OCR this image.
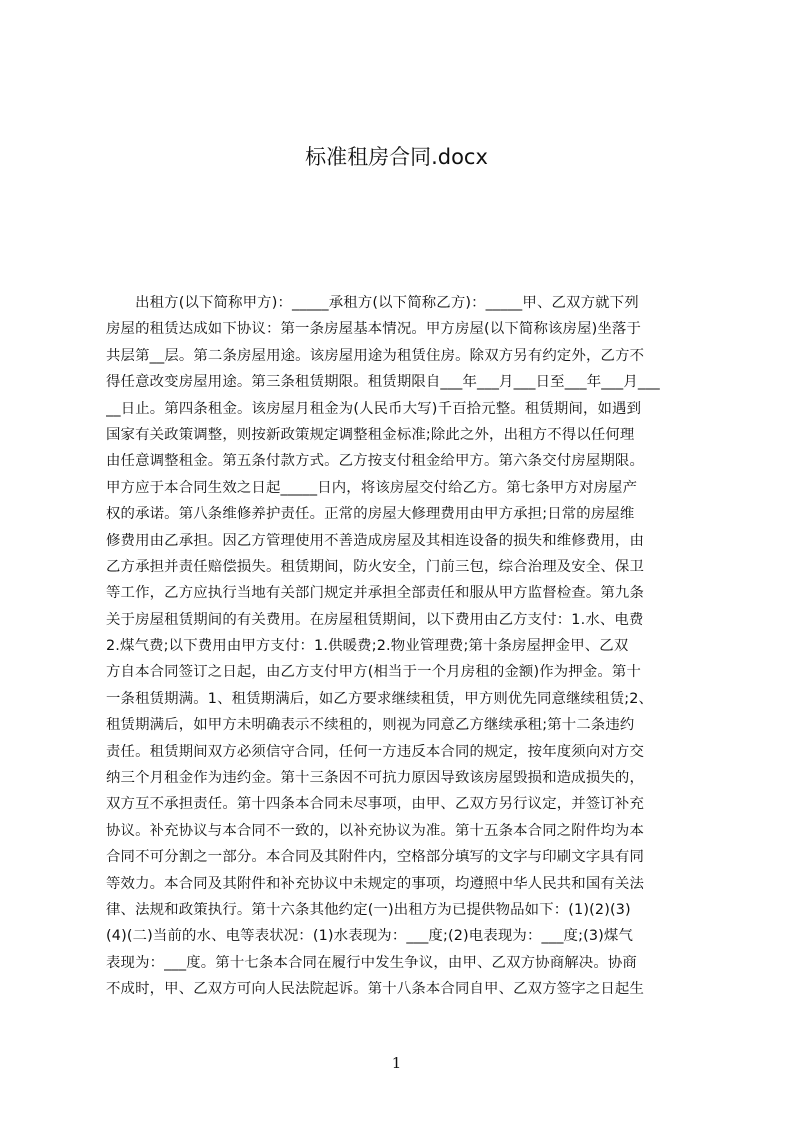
标准租房合同.docx
　　出租方(以下简称甲方)：_____承租方(以下简称乙方)：_____甲、乙双方就下列
房屋的租赁达成如下协议：第一条房屋基本情况。甲方房屋(以下简称该房屋)坐落于
共层第__层。第二条房屋用途。该房屋用途为租赁住房。除双方另有约定外，乙方不
得任意改变房屋用途。第三条租赁期限。租赁期限自___年___月___日至___年___月___
__日止。第四条租金。该房屋月租金为(人民币大写)千百拾元整。租赁期间，如遇到
国家有关政策调整，则按新政策规定调整租金标准;除此之外，出租方不得以任何理
由任意调整租金。第五条付款方式。乙方按支付租金给甲方。第六条交付房屋期限。
甲方应于本合同生效之日起_____日内，将该房屋交付给乙方。第七条甲方对房屋产
权的承诺。第八条维修养护责任。正常的房屋大修理费用由甲方承担;日常的房屋维
修费用由乙承担。因乙方管理使用不善造成房屋及其相连设备的损失和维修费用，由
乙方承担并责任赔偿损失。租赁期间，防火安全，门前三包，综合治理及安全、保卫
等工作，乙方应执行当地有关部门规定并承担全部责任和服从甲方监督检查。第九条
关于房屋租赁期间的有关费用。在房屋租赁期间，以下费用由乙方支付：1.水、电费
2.煤气费;以下费用由甲方支付：1.供暖费;2.物业管理费;第十条房屋押金甲、乙双
方自本合同签订之日起，由乙方支付甲方(相当于一个月房租的金额)作为押金。第十
一条租赁期满。1、租赁期满后，如乙方要求继续租赁，甲方则优先同意继续租赁;2、
租赁期满后，如甲方未明确表示不续租的，则视为同意乙方继续承租;第十二条违约
责任。租赁期间双方必须信守合同，任何一方违反本合同的规定，按年度须向对方交
纳三个月租金作为违约金。第十三条因不可抗力原因导致该房屋毁损和造成损失的，
双方互不承担责任。第十四条本合同未尽事项，由甲、乙双方另行议定，并签订补充
协议。补充协议与本合同不一致的，以补充协议为准。第十五条本合同之附件均为本
合同不可分割之一部分。本合同及其附件内，空格部分填写的文字与印刷文字具有同
等效力。本合同及其附件和补充协议中未规定的事项，均遵照中华人民共和国有关法
律、法规和政策执行。第十六条其他约定(一)出租方为已提供物品如下：(1)(2)(3)
(4)(二)当前的水、电等表状况：(1)水表现为：___度;(2)电表现为：___度;(3)煤气
表现为：___度。第十七条本合同在履行中发生争议，由甲、乙双方协商解决。协商
不成时，甲、乙双方可向人民法院起诉。第十八条本合同自甲、乙双方签字之日起生
1
